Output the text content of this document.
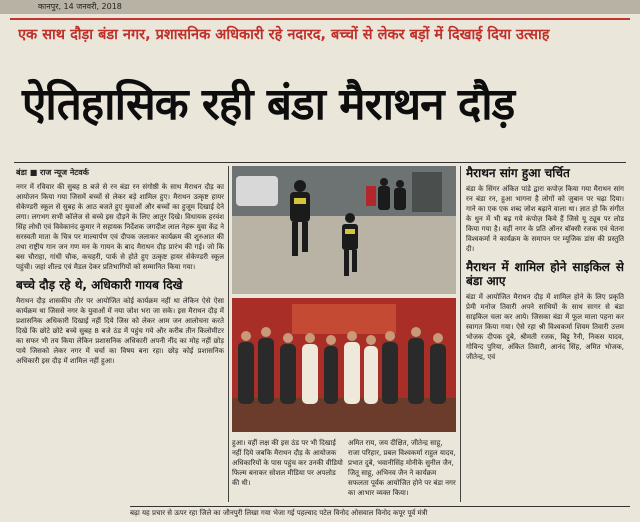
कानपुर, 14 जनवरी, 2018
एक साथ दौड़ा बंडा नगर, प्रशासनिक अधिकारी रहे नदारद, बच्चों से लेकर बड़ों में दिखाई दिया उत्साह
ऐतिहासिक रही बंडा मैराथन दौड़
बंडा ■ राज न्यूज नेटवर्क
नगर में रविवार की सुबह 8 बजे से रन बंडा रन संगोष्ठी के साथ मैराथन दौड़ का आयोजन किया गया जिसमें बच्चों से लेकर बड़े शामिल हुए। मैराथन उत्कृष्ट हायर सेकेण्डरी स्कूल से सुबह के आठ बजते हुए युवाओं और बच्चों का हुजूम दिखाई देने लगा। लगभग सभी कॉलेज से बच्चे इस दौड़ने के लिए आतुर दिखे। विधायक हरवंश सिंह लोधी एवं विवेकानंद कुमार ने सहायक निर्देशक जगदीश लाल नेहरू युवा केंद्र ने सरस्वती माता के चित्र पर माल्यार्पण एवं दीपक जलाकर कार्यक्रम की शुरुआत की तथा राष्ट्रीय गान जन गण मन के गायन के बाद मैराथन दौड़ प्रारंभ की गई। जो कि बस चौराहा, गांधी चौक, कचहरी, पार्क से होते हुए उत्कृष्ट हायर सेकेण्डरी स्कूल पहुंची। जहां शील्ड एवं मैडल देकर प्रतिभागियों को सम्मानित किया गया।
बच्चे दौड़ रहे थे, अधिकारी गायब दिखे
मैराथन दौड़ शासकीय तौर पर आयोजित कोई कार्यक्रम नहीं था लेकिन ऐसे ऐसा कार्यक्रम था जिससे नगर के युवाओं में नया जोश भरा जा सके। इस मैराथन दौड़ में प्रशासनिक अधिकारी दिखाई नहीं दिये जिस को लेकर आम जन आलोचना करते दिखे कि छोटे छोटे बच्चे सुबह 8 बजे ठंड में पहुंच गये और करीब तीन किलोमीटर का सफर भी तय किया लेकिन प्रशासनिक अधिकारी अपनी नींद का मोह नहीं छोड़ पाये जिसको लेकर नगर में चर्चा का विषय बना रहा। छोड़ कोई प्रशासनिक अधिकारी इस दौड़ में शामिल नहीं हुआ।
हुआ। वहीं लक्ष की इस ठंड पर भी दिखाई नहीं दिये जबकि मैराथन दौड़ के आयोजक अधिकारियों के पास पहुंच कर उनकी वीडियो फिल्म बनाकर सोशल मीडिया पर अपलोड की थी।
अमित राय, जय दीक्षित, जीतेन्द्र साहू, राजा परिहार, प्रबल विश्वकर्मा राहुल यादव, प्रभात दुबे, भवानीसिंह मोनीके सुनील जैन, जितू साहू, अभिनव जैन ने कार्यक्रम सफलता पूर्वक आयोजित होने पर बंडा नगर का आभार व्यक्त किया।
मैराथन सांग हुआ चर्चित
बंडा के सिंगर अंकित पांडे द्वारा कपोज़ किया गया मैराथन सांग रन बंडा रन, हुआ भागना है लोगों को जुबान पर चढ़ा दिया। गाने का एक एक शब्द जोश बढ़ाने वाला था। ज्ञात हो कि संगीत के धुन में भी बढ़ गये कंपोज़ किये हैं जिसे यू ट्यूब पर लोड किया गया है। वहीं नगर के प्रति ऑनर बॉक्सी रजक एवं चेतना विश्वकर्मा ने कार्यक्रम के समापन पर म्यूजिक डांस की प्रस्तुति दी।
मैराथन में शामिल होने साइकिल से बंडा आए
बंडा में आयोजित मैराथन दौड़ में शामिल होने के लिए प्रकृति प्रेमी मनोज तिवारी अपने साथियों के साथ सागर से बंडा साइकिल चला कर आये। जिसका बंडा में फूल माला पहना कर स्वागत किया गया। ऐसे रहा श्री विश्वकर्मा शिवम तिवारी उत्तम भोजक दीपक दुबे, श्रीमती रजक, बिट्टू रैनी, निकस यादव, गोविन्द पुरिया, अंकित तिवारी, आनंद सिंह, अमित भोजक, जीतेन्द्र, एवं
बढ़ा यह प्रचार से ऊपर रहा जिले का जौनपुरी लिखा गया भेजा गई पहल्वाद पटेल विनोद ओसवाल विनोद कपूर पूर्व मंत्री
